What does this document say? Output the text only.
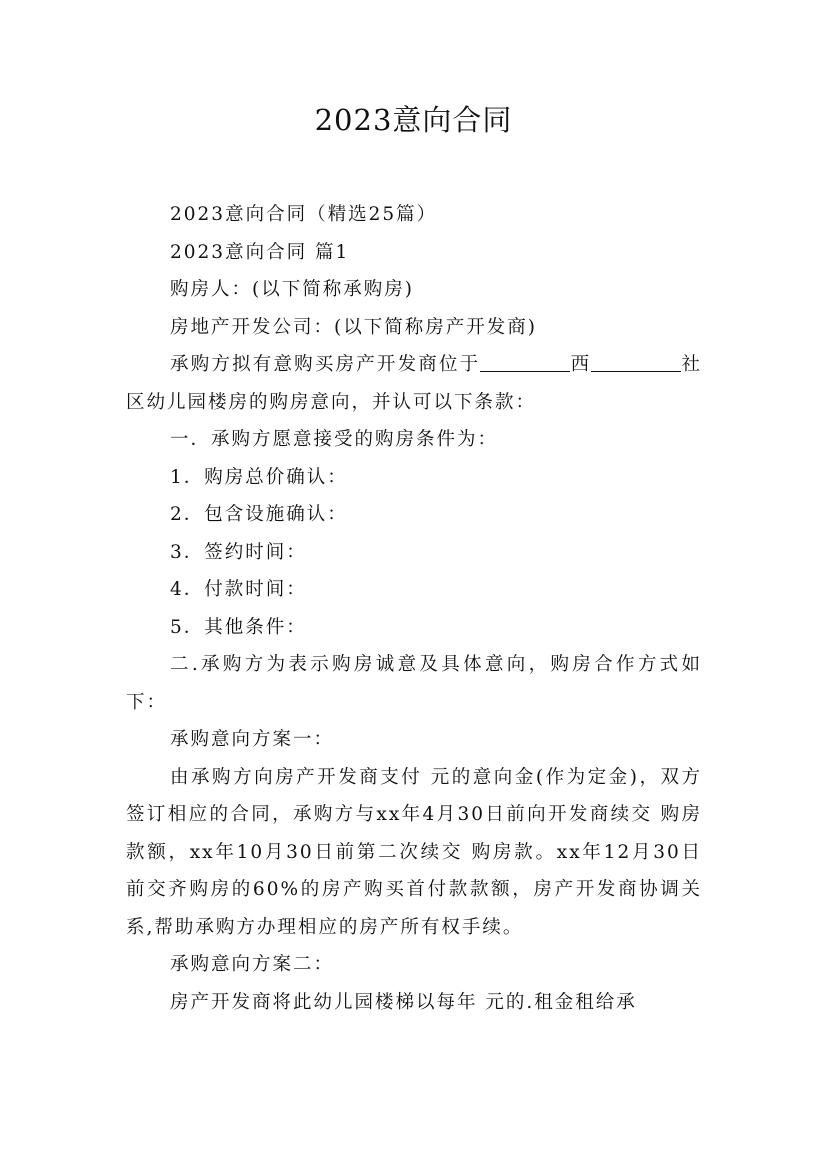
2023意向合同

2023意向合同（精选25篇）

2023意向合同 篇1

购房人：(以下简称承购房)

房地产开发公司：(以下简称房产开发商)

承购方拟有意购买房产开发商位于	西	社区幼儿园楼房的购房意向，并认可以下条款：

一．承购方愿意接受的购房条件为：

1．购房总价确认：

2．包含设施确认：

3．签约时间：

4．付款时间：

5．其他条件：

二.承购方为表示购房诚意及具体意向，购房合作方式如下：

承购意向方案一：

由承购方向房产开发商支付 元的意向金(作为定金)，双方签订相应的合同，承购方与xx年4月30日前向开发商续交 购房款额，xx年10月30日前第二次续交 购房款。xx年12月30日前交齐购房的60%的房产购买首付款款额，房产开发商协调关系,帮助承购方办理相应的房产所有权手续。

承购意向方案二：

房产开发商将此幼儿园楼梯以每年 元的.租金租给承
